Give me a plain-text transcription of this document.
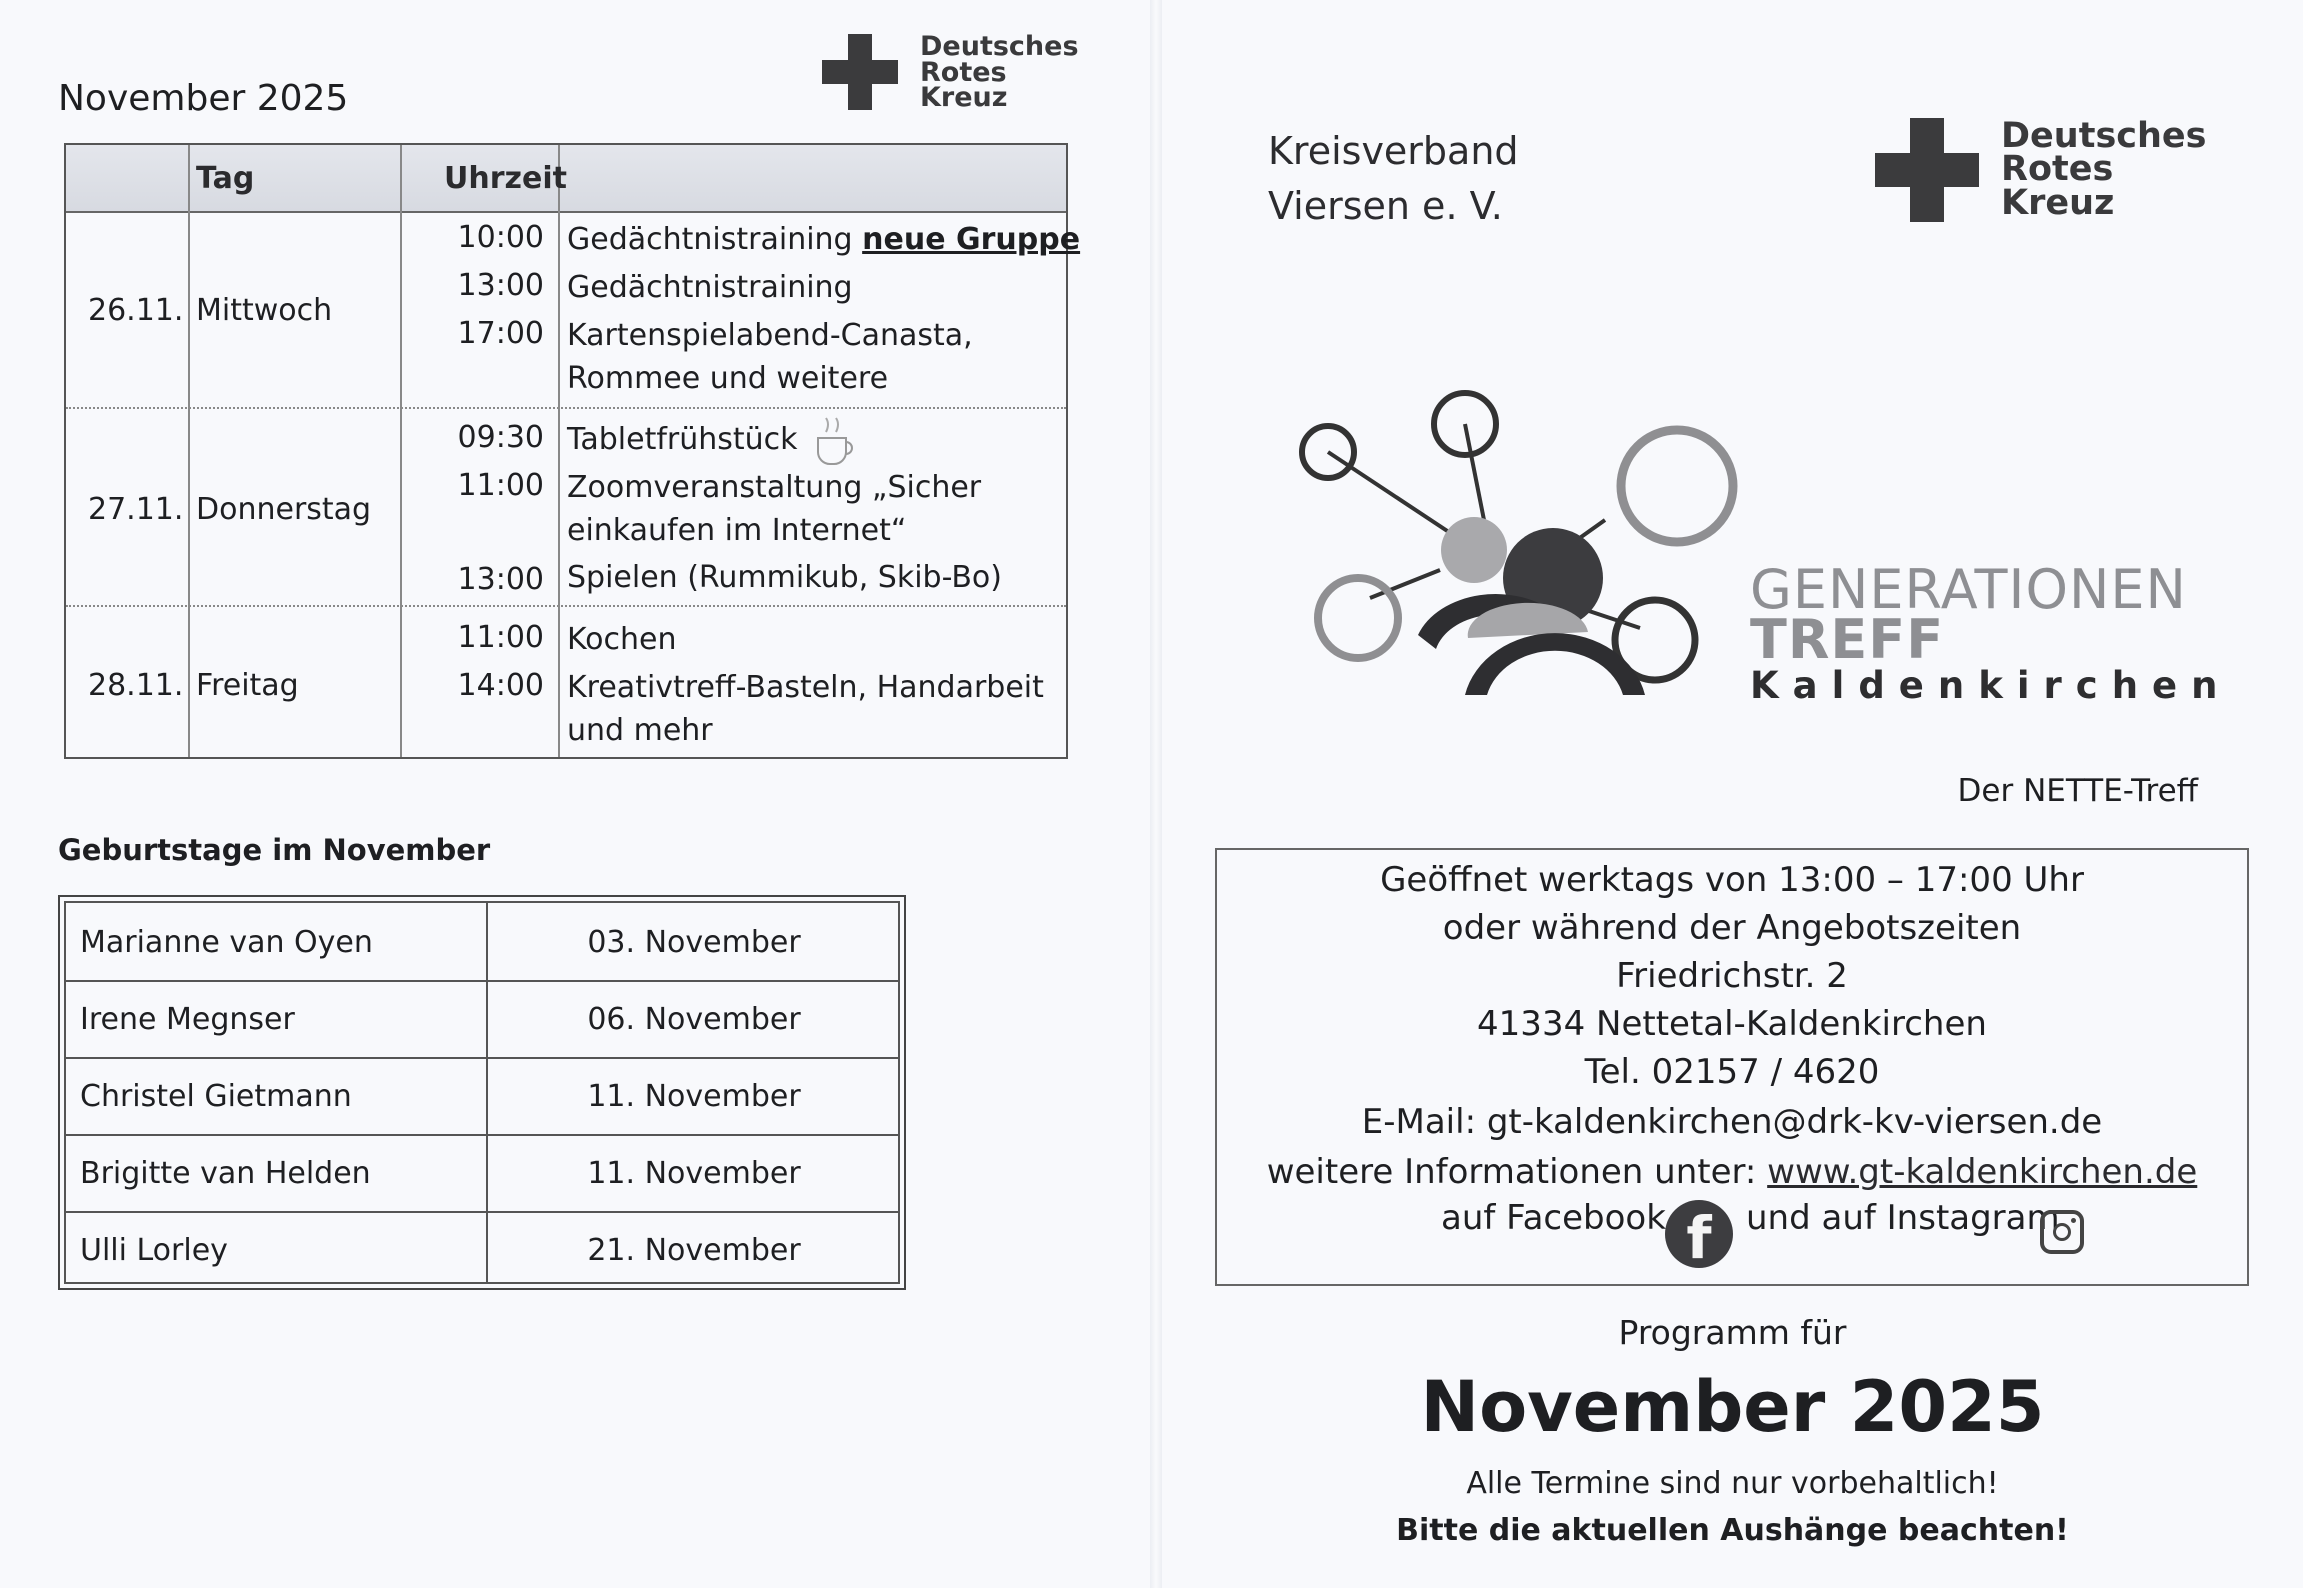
November 2025
Deutsches
Rotes
Kreuz
Tag	Uhrzeit
26.11. Mittwoch
10:00 Gedächtnistraining neue Gruppe
13:00 Gedächtnistraining
17:00 Kartenspielabend-Canasta,
Rommee und weitere
27.11. Donnerstag
09:30 Tabletfrühstück
11:00 Zoomveranstaltung „Sicher
einkaufen im Internet“
13:00 Spielen (Rummikub, Skib-Bo)
28.11. Freitag
11:00 Kochen
14:00 Kreativtreff-Basteln, Handarbeit
und mehr
Geburtstage im November
Marianne van Oyen	03. November
Irene Megnser	06. November
Christel Gietmann	11. November
Brigitte van Helden	11. November
Ulli Lorley	21. November
Kreisverband
Viersen e. V.
Deutsches
Rotes
Kreuz
GENERATIONEN
TREFF
Kaldenkirchen
Der NETTE-Treff
Geöffnet werktags von 13:00 – 17:00 Uhr
oder während der Angebotszeiten
Friedrichstr. 2
41334 Nettetal-Kaldenkirchen
Tel. 02157 / 4620
E-Mail: gt-kaldenkirchen@drk-kv-viersen.de
weitere Informationen unter: www.gt-kaldenkirchen.de
auf Facebook f	und auf Instagram
Programm für
November 2025
Alle Termine sind nur vorbehaltlich!
Bitte die aktuellen Aushänge beachten!
